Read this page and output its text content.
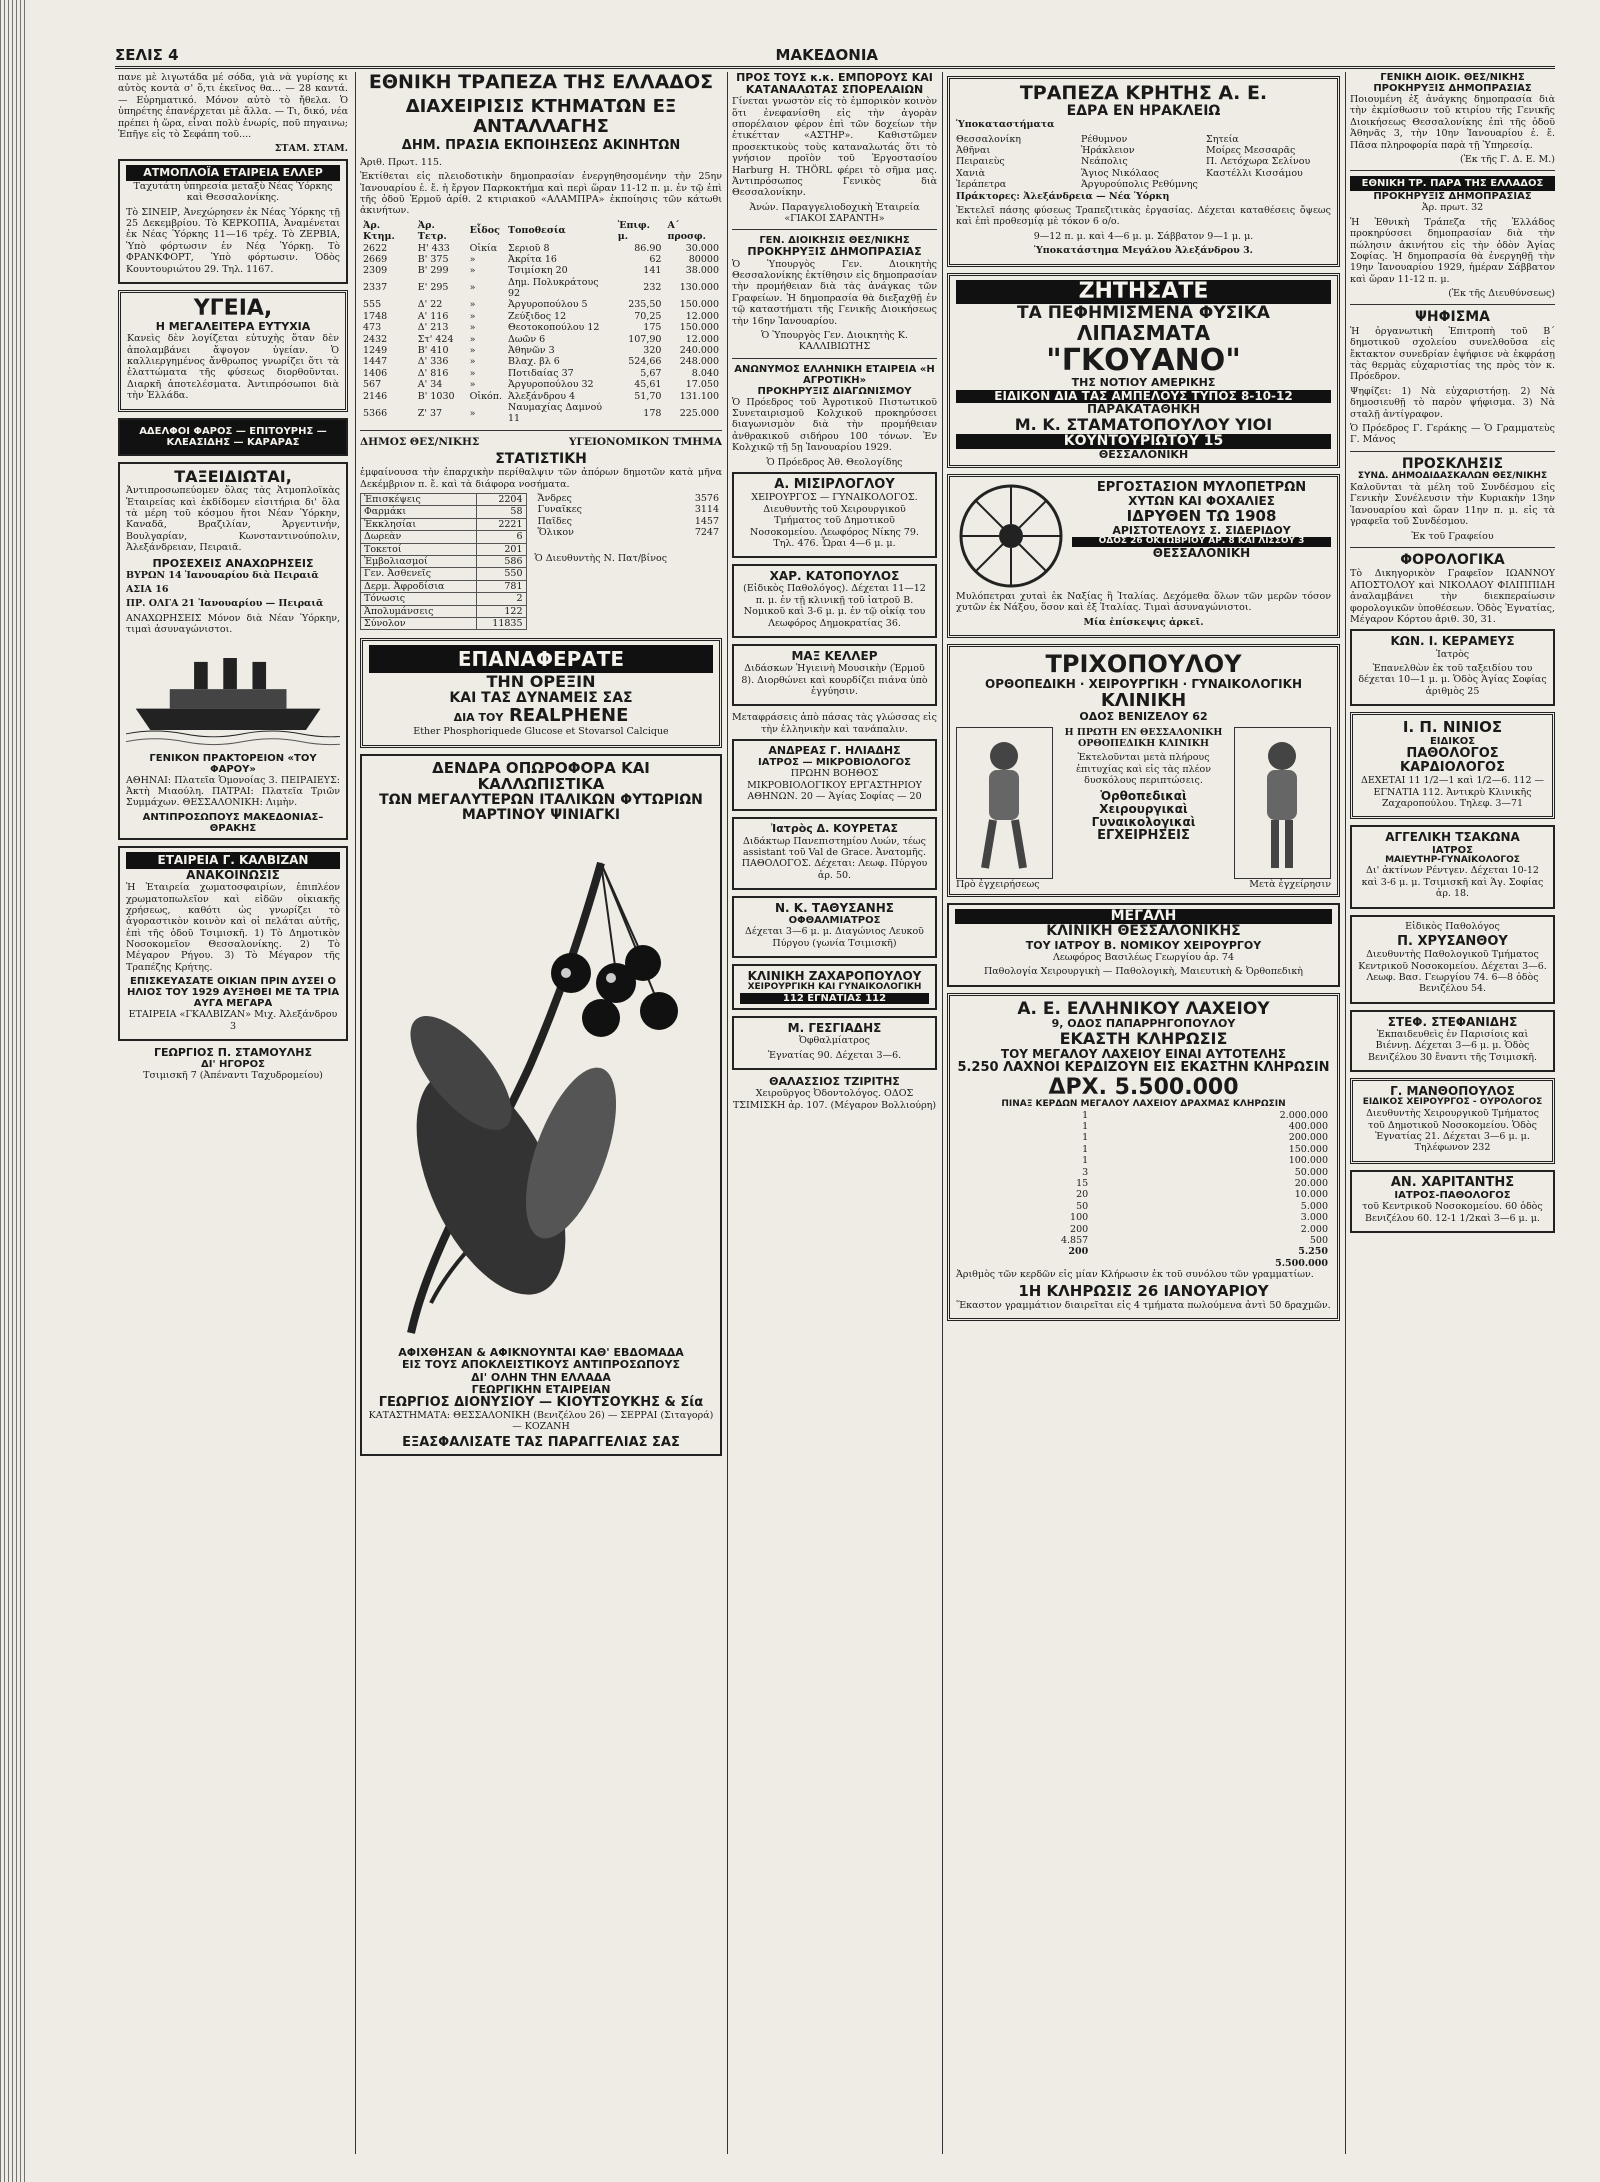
ΣΕΛΙΣ 4	ΜΑΚΕΔΟΝΙΑ

πανε μὲ λιγωτάδα μέ σόδα, γιὰ νὰ γυρίσης κι αὐτὸς κοντὰ σ' ὅ,τι ἐκεῖνος θα... — 28 καντά. — Εὐρηματικό. Μόνον αὐτὸ τὸ ἤθελα. Ὁ ὑπηρέτης ἐπανέρχεται μὲ ἄλλα. — Τι, δικό, νέα πρέπει ἡ ὥρα, εἶναι πολὺ ἐνωρίς, ποῦ πηγαινω; Ἐπῆγε εἰς τὸ Σεφάπη τοῦ....

ΣΤΑΜ. ΣΤΑΜ.

ΑΤΜΟΠΛΟΪΑ ΕΤΑΙΡΕΙΑ ΕΛΛΕΡ

Ταχυτάτη ὑπηρεσία μεταξὺ Νέας Ὑόρκης καὶ Θεσσαλονίκης.

Τὸ ΣΙΝΕΙΡ, Ἀνεχώρησεν ἐκ Νέας Ὑόρκης τῇ 25 Δεκεμβρίου. Τὸ ΚΕΡΚΟΠΙΑ, Ἀναμένεται ἐκ Νέας Ὑόρκης 11—16 τρέχ. Τὸ ΖΕΡΒΙΑ, Ὑπὸ φόρτωσιν ἐν Νέᾳ Ὑόρκῃ. Τὸ ΦΡΑΝΚΦΟΡΤ, Ὑπὸ φόρτωσιν. Ὁδὸς Κουντουριώτου 29. Τηλ. 1167.

ΥΓΕΙΑ,
Η ΜΕΓΑΛΕΙΤΕΡΑ ΕΥΤΥΧΙΑ

Κανεὶς δὲν λογίζεται εὐτυχὴς ὅταν δὲν ἀπολαμβάνει ἄψογον ὑγείαν. Ὁ καλλιεργημένος ἄνθρωπος γνωρίζει ὅτι τὰ ἐλαττώματα τῆς φύσεως διορθοῦνται. Διαρκῆ ἀποτελέσματα. Ἀντιπρόσωποι διὰ τὴν Ἑλλάδα.

ΑΔΕΛΦΟΙ ΦΑΡΟΣ — ΕΠΙΤΟΥΡΗΣ — ΚΛΕΑΣΙΔΗΣ — ΚΑΡΑΡΑΣ
ΤΑΞΕΙΔΙΩΤΑΙ,

Ἀντιπροσωπεύομεν ὅλας τὰς Ἀτμοπλοϊκὰς Ἑταιρείας καὶ ἐκδίδομεν εἰσιτήρια δι' ὅλα τὰ μέρη τοῦ κόσμου ἤτοι Νέαν Ὑόρκην, Καναδᾶ, Βραζιλίαν, Ἀργεντινήν, Βουλγαρίαν, Κωνσταντινούπολιν, Ἀλεξάνδρειαν, Πειραιᾶ.

ΠΡΟΣΕΧΕΙΣ ΑΝΑΧΩΡΗΣΕΙΣ

ΒΥΡΩΝ 14 Ἰανουαρίου διὰ Πειραιᾶ

ΑΣΙΑ 16

ΠΡ. ΟΛΓΑ 21 Ἰανουαρίου — Πειραιᾶ

ΑΝΑΧΩΡΗΣΕΙΣ Μόνον διὰ Νέαν Ὑόρκην, τιμαὶ ἀσυναγώνιστοι.

ΓΕΝΙΚΟΝ ΠΡΑΚΤΟΡΕΙΟΝ «ΤΟΥ ΦΑΡΟΥ»

ΑΘΗΝΑΙ: Πλατεῖα Ὁμονοίας 3. ΠΕΙΡΑΙΕΥΣ: Ἀκτὴ Μιαούλη. ΠΑΤΡΑΙ: Πλατεῖα Τριῶν Συμμάχων. ΘΕΣΣΑΛΟΝΙΚΗ: Λιμὴν.

ΑΝΤΙΠΡΟΣΩΠΟΥΣ ΜΑΚΕΔΟΝΙΑΣ–ΘΡΑΚΗΣ
ΕΤΑΙΡΕΙΑ Γ. ΚΑΛΒΙΖΑΝ
ΑΝΑΚΟΙΝΩΣΙΣ

Ἡ Ἑταιρεία χωματοσφαιρίων, ἐπιπλέον χρωματοπωλεῖον καὶ εἰδῶν οἰκιακῆς χρήσεως, καθότι ὡς γνωρίζει τὸ ἀγοραστικὸν κοινὸν καὶ οἱ πελάται αὐτῆς, ἐπὶ τῆς ὁδοῦ Τσιμισκῆ. 1) Τὸ Δημοτικὸν Νοσοκομεῖον Θεσσαλονίκης. 2) Τὸ Μέγαρον Ρήγου. 3) Τὸ Μέγαρον τῆς Τραπέζης Κρήτης.

ΕΠΙΣΚΕΥΑΣΑΤΕ ΟΙΚΙΑΝ ΠΡΙΝ ΔΥΣΕΙ Ο ΗΛΙΟΣ ΤΟΥ 1929 ΑΥΞΗΘΕΙ ΜΕ ΤΑ ΤΡΙΑ ΑΥΓΑ ΜΕΓΑΡΑ

ΕΤΑΙΡΕΙΑ «ΓΚΑΛΒΙΖΑΝ» Μιχ. Ἀλεξάνδρου 3

ΓΕΩΡΓΙΟΣ Π. ΣΤΑΜΟΥΛΗΣ
ΔΙ' ΗΓΟΡΟΣ

Τσιμισκῆ 7 (Ἀπέναντι Ταχυδρομείου)

ΕΘΝΙΚΗ ΤΡΑΠΕΖΑ ΤΗΣ ΕΛΛΑΔΟΣ
ΔΙΑΧΕΙΡΙΣΙΣ ΚΤΗΜΑΤΩΝ ΕΞ ΑΝΤΑΛΛΑΓΗΣ
ΔΗΜ. ΠΡΑΣΙΑ ΕΚΠΟΙΗΣΕΩΣ ΑΚΙΝΗΤΩΝ

Ἀριθ. Πρωτ. 115.

Ἐκτίθεται εἰς πλειοδοτικὴν δημοπρασίαν ἐνεργηθησομένην τὴν 25ην Ἰανουαρίου ἐ. ἔ. ἡ ἔργον Παρκοκτήμα καὶ περὶ ὥραν 11-12 π. μ. ἐν τῷ ἐπὶ τῆς ὁδοῦ Ἑρμοῦ ἀρίθ. 2 κτιριακοῦ «ΑΛΑΜΠΡΑ» ἐκποίησις τῶν κάτωθι ἀκινήτων.

Ἀρ. Κτημ.	Ἀρ. Τετρ.	Εἶδος	Τοποθεσία	Ἐπιφ. μ.	Α΄ προσφ.
2622	Η' 433	Οἰκία	Σεριοῦ 8	86.90	30.000
2669	Β' 375	»	Ἀκρίτα 16	62	80000
2309	Β' 299	»	Τσιμίσκη 20	141	38.000
2337	Ε' 295	»	Δημ. Πολυκράτους 92	232	130.000
555	Δ' 22	»	Ἀργυροπούλου 5	235,50	150.000
1748	Α' 116	»	Ζεύξιδος 12	70,25	12.000
473	Δ' 213	»	Θεοτοκοπούλου 12	175	150.000
2432	Στ' 424	»	Δωῶν 6	107,90	12.000
1249	Β' 410	»	Ἀθηνῶν 3	320	240.000
1447	Δ' 336	»	Βλαχ. βλ 6	524,66	248.000
1406	Δ' 816	»	Ποτιδαίας 37	5,67	8.040
567	Α' 34	»	Ἀργυροπούλου 32	45,61	17.050
2146	Β' 1030	Οἰκόπ.	Ἀλεξάνδρου 4	51,70	131.100
5366	Ζ' 37	»	Ναυμαχίας Δαμνού 11	178	225.000
ΔΗΜΟΣ ΘΕΣ/ΝΙΚΗΣ	ΥΓΕΙΟΝΟΜΙΚΟΝ ΤΜΗΜΑ
ΣΤΑΤΙΣΤΙΚΗ

ἐμφαίνουσα τὴν ἐπαρχικὴν περίθαλψιν τῶν ἀπόρων δημοτῶν κατὰ μῆνα Δεκέμβριον π. ἔ. καὶ τὰ διάφορα νοσήματα.

Ἐπισκέψεις	2204
Φαρμάκι	58
Ἐκκλησίαι	2221
Δωρεὰν	6
Τοκετοί	201
Ἐμβολιασμοί	586
Γεν. Ἀσθενεῖς	550
Δερμ. Ἀφροδίσια	781
Τόνωσις	2
Ἀπολυμάνσεις	122
Σύνολον	11835
Ἄνδρες	3576
Γυναῖκες	3114
Παῖδες	1457
Ὅλικον	7247

Ὁ Διευθυντὴς Ν. Πατ/βίνος

ΕΠΑΝΑΦΕΡΑΤΕ
ΤΗΝ ΟΡΕΞΙΝ
ΚΑΙ ΤΑΣ ΔΥΝΑΜΕΙΣ ΣΑΣ
ΔΙΑ ΤΟΥ REALPHENE

Ether Phosphoriquede Glucose et Stovarsol Calcique

ΔΕΝΔΡΑ ΟΠΩΡΟΦΟΡΑ ΚΑΙ ΚΑΛΛΩΠΙΣΤΙΚΑ
ΤΩΝ ΜΕΓΑΛΥΤΕΡΩΝ ΙΤΑΛΙΚΩΝ ΦΥΤΩΡΙΩΝ
ΜΑΡΤΙΝΟΥ ΨΙΝΙΑΓΚΙ
ΑΦΙΧΘΗΣΑΝ & ΑΦΙΚΝΟΥΝΤΑΙ ΚΑΘ' ΕΒΔΟΜΑΔΑ
ΕΙΣ ΤΟΥΣ ΑΠΟΚΛΕΙΣΤΙΚΟΥΣ ΑΝΤΙΠΡΟΣΩΠΟΥΣ
ΔΙ' ΟΛΗΝ ΤΗΝ ΕΛΛΑΔΑ
ΓΕΩΡΓΙΚΗΝ ΕΤΑΙΡΕΙΑΝ
ΓΕΩΡΓΙΟΣ ΔΙΟΝΥΣΙΟΥ — ΚΙΟΥΤΣΟΥΚΗΣ & Σία

ΚΑΤΑΣΤΗΜΑΤΑ: ΘΕΣΣΑΛΟΝΙΚΗ (Βενιζέλου 26) — ΣΕΡΡΑΙ (Σιταγορά) — ΚΟΖΑΝΗ

ΕΞΑΣΦΑΛΙΣΑΤΕ ΤΑΣ ΠΑΡΑΓΓΕΛΙΑΣ ΣΑΣ
ΠΡΟΣ ΤΟΥΣ κ.κ. ΕΜΠΟΡΟΥΣ ΚΑΙ ΚΑΤΑΝΑΛΩΤΑΣ ΣΠΟΡΕΛΑΙΩΝ

Γίνεται γνωστὸν εἰς τὸ ἐμπορικὸν κοινὸν ὅτι ἐνεφανίσθη εἰς τὴν ἀγορὰν σπορέλαιον φέρον ἐπὶ τῶν δοχείων τὴν ἐτικέτταν «ΑΣΤΗΡ». Καθιστῶμεν προσεκτικοὺς τοὺς καταναλωτάς ὅτι τὸ γνήσιον προϊὸν τοῦ Ἐργοστασίου Harburg H. THÖRL φέρει τὸ σῆμα μας. Ἀντιπρόσωπος Γενικὸς διὰ Θεσσαλονίκην.

Ἀνών. Παραγγελιοδοχικὴ Ἑταιρεία «ΓΙΑΚΟΙ ΣΑΡΑΝΤΗ»

ΓΕΝ. ΔΙΟΙΚΗΣΙΣ ΘΕΣ/ΝΙΚΗΣ
ΠΡΟΚΗΡΥΞΙΣ ΔΗΜΟΠΡΑΣΙΑΣ

Ὁ Ὑπουργὸς Γεν. Διοικητὴς Θεσσαλονίκης ἐκτίθησιν εἰς δημοπρασίαν τὴν προμήθειαν διὰ τὰς ἀνάγκας τῶν Γραφείων. Ἡ δημοπρασία θὰ διεξαχθῇ ἐν τῷ καταστήματι τῆς Γενικῆς Διοικήσεως τὴν 16ην Ἰανουαρίου.

Ὁ Ὑπουργὸς Γεν. Διοικητὴς Κ. ΚΑΛΛΙΒΙΩΤΗΣ

ΑΝΩΝΥΜΟΣ ΕΛΛΗΝΙΚΗ ΕΤΑΙΡΕΙΑ «Η ΑΓΡΟΤΙΚΗ»
ΠΡΟΚΗΡΥΞΙΣ ΔΙΑΓΩΝΙΣΜΟΥ

Ὁ Πρόεδρος τοῦ Ἀγροτικοῦ Πιστωτικοῦ Συνεταιρισμοῦ Κολχικοῦ προκηρύσσει διαγωνισμὸν διὰ τὴν προμήθειαν ἀνθρακικοῦ σιδήρου 100 τόνων. Ἐν Κολχικῷ τῇ 5ῃ Ἰανουαρίου 1929.

Ὁ Πρόεδρος Ἀθ. Θεολογίδης

Α. ΜΙΣΙΡΛΟΓΛΟΥ

ΧΕΙΡΟΥΡΓΟΣ — ΓΥΝΑΙΚΟΛΟΓΟΣ. Διευθυντὴς τοῦ Χειρουργικοῦ Τμήματος τοῦ Δημοτικοῦ Νοσοκομείου. Λεωφόρος Νίκης 79. Τηλ. 476. Ὧραι 4—6 μ. μ.

ΧΑΡ. ΚΑΤΟΠΟΥΛΟΣ

(Εἰδικὸς Παθολόγος). Δέχεται 11—12 π. μ. ἐν τῇ κλινικῇ τοῦ ἰατροῦ Β. Νομικοῦ καὶ 3-6 μ. μ. ἐν τῷ οἰκίᾳ του Λεωφόρος Δημοκρατίας 36.

ΜΑΞ ΚΕΛΛΕΡ

Διδάσκων Ἡγιεινὴ Μουσικὴν (Ἑρμοῦ 8). Διορθώνει καὶ κουρδίζει πιάνα ὑπὸ ἐγγύησιν.

Μεταφράσεις ἀπὸ πάσας τὰς γλώσσας εἰς τὴν ἑλληνικὴν καὶ τανάπαλιν.

ΑΝΔΡΕΑΣ Γ. ΗΛΙΑΔΗΣ
ΙΑΤΡΟΣ — ΜΙΚΡΟΒΙΟΛΟΓΟΣ

ΠΡΩΗΝ ΒΟΗΘΟΣ ΜΙΚΡΟΒΙΟΛΟΓΙΚΟΥ ΕΡΓΑΣΤΗΡΙΟΥ ΑΘΗΝΩΝ. 20 — Ἁγίας Σοφίας — 20

Ἰατρὸς Δ. ΚΟΥΡΕΤΑΣ

Διδάκτωρ Πανεπιστημίου Λυών, τέως assistant τοῦ Val de Grace. Ἀνατομῆς. ΠΑΘΟΛΟΓΟΣ. Δέχεται: Λεωφ. Πύργου ἀρ. 50.

Ν. Κ. ΤΑΘΥΣΑΝΗΣ
ΟΦΘΑΛΜΙΑΤΡΟΣ

Δέχεται 3—6 μ. μ. Διαγώνιος Λευκοῦ Πύργου (γωνία Τσιμισκῆ)

ΚΛΙΝΙΚΗ ΖΑΧΑΡΟΠΟΥΛΟΥ
ΧΕΙΡΟΥΡΓΙΚΗ ΚΑΙ ΓΥΝΑΙΚΟΛΟΓΙΚΗ
112 ΕΓΝΑΤΙΑΣ 112
Μ. ΓΕΣΓΙΑΔΗΣ

Ὀφθαλμίατρος

Ἐγνατίας 90. Δέχεται 3—6.

ΘΑΛΑΣΣΙΟΣ ΤΖΙΡΙΤΗΣ

Χειροῦργος Ὀδοντολόγος. ΟΔΟΣ ΤΣΙΜΙΣΚΗ ἀρ. 107. (Μέγαρον Βολλιούρη)

ΤΡΑΠΕΖΑ ΚΡΗΤΗΣ Α. Ε.
ΕΔΡΑ ΕΝ ΗΡΑΚΛΕΙΩ

Ὑποκαταστήματα

Θεσσαλονίκη	Ρέθυμνον	Σητεία
Ἀθῆναι	Ἡράκλειον	Μοίρες Μεσσαρᾶς
Πειραιεὺς	Νεάπολις	Π. Λετόχωρα Σελίνου
Χανιὰ	Ἅγιος Νικόλαος	Καστέλλι Κισσάμου
Ἱεράπετρα	Ἀργυρούπολις Ρεθύμνης

Πράκτορες: Ἀλεξάνδρεια — Νέα Ὑόρκη

Ἐκτελεῖ πάσης φύσεως Τραπεζιτικὰς ἐργασίας. Δέχεται καταθέσεις ὄψεως καὶ ἐπὶ προθεσμίᾳ μὲ τόκον 6 ο/ο.

9—12 π. μ. καὶ 4—6 μ. μ. Σάββατον 9—1 μ. μ.

Ὑποκατάστημα Μεγάλου Ἀλεξάνδρου 3.

ΖΗΤΗΣΑΤΕ
ΤΑ ΠΕΦΗΜΙΣΜΕΝΑ ΦΥΣΙΚΑ
ΛΙΠΑΣΜΑΤΑ
"ΓΚΟΥΑΝΟ"
ΤΗΣ ΝΟΤΙΟΥ ΑΜΕΡΙΚΗΣ
ΕΙΔΙΚΟΝ ΔΙΑ ΤΑΣ ΑΜΠΕΛΟΥΣ ΤΥΠΟΣ 8-10-12
ΠΑΡΑΚΑΤΑΘΗΚΗ
Μ. Κ. ΣΤΑΜΑΤΟΠΟΥΛΟΥ ΥΙΟΙ
ΚΟΥΝΤΟΥΡΙΩΤΟΥ 15
ΘΕΣΣΑΛΟΝΙΚΗ
ΕΡΓΟΣΤΑΣΙΟΝ ΜΥΛΟΠΕΤΡΩΝ
ΧΥΤΩΝ ΚΑΙ ΦΟΧΑΛΙΕΣ
ΙΔΡΥΘΕΝ ΤΩ 1908
ΑΡΙΣΤΟΤΕΛΟΥΣ Σ. ΣΙΔΕΡΙΔΟΥ
ΟΔΟΣ 26 ΟΚΤΩΒΡΙΟΥ ΑΡ. 8 ΚΑΙ ΛΙΣΣΟΥ 3
ΘΕΣΣΑΛΟΝΙΚΗ

Μυλόπετραι χυταὶ ἐκ Ναξίας ἢ Ἰταλίας. Δεχόμεθα ὅλων τῶν μερῶν τόσον χυτῶν ἐκ Νάξου, ὅσον καὶ ἐξ Ἰταλίας. Τιμαὶ ἀσυναγώνιστοι.

Μία ἐπίσκεψις ἀρκεῖ.

ΤΡΙΧΟΠΟΥΛΟΥ
ΟΡΘΟΠΕΔΙΚΗ · ΧΕΙΡΟΥΡΓΙΚΗ · ΓΥΝΑΙΚΟΛΟΓΙΚΗ
ΚΛΙΝΙΚΗ
ΟΔΟΣ ΒΕΝΙΖΕΛΟΥ 62

Η ΠΡΩΤΗ ΕΝ ΘΕΣΣΑΛΟΝΙΚΗ ΟΡΘΟΠΕΔΙΚΗ ΚΛΙΝΙΚΗ

Ἐκτελοῦνται μετὰ πλήρους ἐπιτυχίας καὶ εἰς τὰς πλέον δυσκόλους περιπτώσεις.

Ὀρθοπεδικαὶ
Χειρουργικαὶ
Γυναικολογικαὶ
ΕΓΧΕΙΡΗΣΕΙΣ
Πρὸ ἐγχειρήσεως	Μετὰ ἐγχείρησιν
ΜΕΓΑΛΗ
ΚΛΙΝΙΚΗ ΘΕΣΣΑΛΟΝΙΚΗΣ
ΤΟΥ ΙΑΤΡΟΥ Β. ΝΟΜΙΚΟΥ ΧΕΙΡΟΥΡΓΟΥ

Λεωφόρος Βασιλέως Γεωργίου ἀρ. 74

Παθολογία Χειρουργικὴ — Παθολογικὴ, Μαιευτικὴ & Ὀρθοπεδικὴ

Α. Ε. ΕΛΛΗΝΙΚΟΥ ΛΑΧΕΙΟΥ
9, ΟΔΟΣ ΠΑΠΑΡΡΗΓΟΠΟΥΛΟΥ
ΕΚΑΣΤΗ ΚΛΗΡΩΣΙΣ
ΤΟΥ ΜΕΓΑΛΟΥ ΛΑΧΕΙΟΥ ΕΙΝΑΙ ΑΥΤΟΤΕΛΗΣ
5.250 ΛΑΧΝΟΙ ΚΕΡΔΙΖΟΥΝ ΕΙΣ ΕΚΑΣΤΗΝ ΚΛΗΡΩΣΙΝ
ΔΡΧ. 5.500.000
ΠΙΝΑΞ ΚΕΡΔΩΝ ΜΕΓΑΛΟΥ ΛΑΧΕΙΟΥ ΔΡΑΧΜΑΣ ΚΛΗΡΩΣΙΝ
1	2.000.000
1	400.000
1	200.000
1	150.000
1	100.000
3	50.000
15	20.000
20	10.000
50	5.000
100	3.000
200	2.000
4.857	500
200	5.250
	5.500.000

Ἀριθμὸς τῶν κερδῶν εἰς μίαν Κλήρωσιν ἐκ τοῦ συνόλου τῶν γραμματίων.

1Η ΚΛΗΡΩΣΙΣ 26 ΙΑΝΟΥΑΡΙΟΥ

Ἕκαστον γραμμάτιον διαιρεῖται εἰς 4 τμήματα πωλούμενα ἀντὶ 50 δραχμῶν.

ΓΕΝΙΚΗ ΔΙΟΙΚ. ΘΕΣ/ΝΙΚΗΣ
ΠΡΟΚΗΡΥΞΙΣ ΔΗΜΟΠΡΑΣΙΑΣ

Ποιουμένη ἐξ ἀνάγκης δημοπρασία διὰ τὴν ἐκμίσθωσιν τοῦ κτιρίου τῆς Γενικῆς Διοικήσεως Θεσσαλονίκης ἐπὶ τῆς ὁδοῦ Ἀθηνᾶς 3, τὴν 10ην Ἰανουαρίου ἐ. ἔ. Πᾶσα πληροφορία παρὰ τῇ Ὑπηρεσίᾳ.

(Ἐκ τῆς Γ. Δ. Ε. Μ.)

ΕΘΝΙΚΗ ΤΡ. ΠΑΡΑ ΤΗΣ ΕΛΛΑΔΟΣ
ΠΡΟΚΗΡΥΞΙΣ ΔΗΜΟΠΡΑΣΙΑΣ

Ἀρ. πρωτ. 32

Ἡ Ἐθνικὴ Τράπεζα τῆς Ἑλλάδος προκηρύσσει δημοπρασίαν διὰ τὴν πώλησιν ἀκινήτου εἰς τὴν ὁδὸν Ἀγίας Σοφίας. Ἡ δημοπρασία θὰ ἐνεργηθῇ τὴν 19ην Ἰανουαρίου 1929, ἡμέραν Σάββατον καὶ ὥραν 11-12 π. μ.

(Ἐκ τῆς Διευθύνσεως)

ΨΗΦΙΣΜΑ

Ἡ ὀργανωτικὴ Ἐπιτροπὴ τοῦ Β΄ δημοτικοῦ σχολείου συνελθοῦσα εἰς ἔκτακτον συνεδρίαν ἐψήφισε νὰ ἐκφράσῃ τὰς θερμὰς εὐχαριστίας της πρὸς τὸν κ. Πρόεδρον.

Ψηφίζει: 1) Νὰ εὐχαριστήσῃ. 2) Νὰ δημοσιευθῇ τὸ παρὸν ψήφισμα. 3) Νὰ σταλῇ ἀντίγραφον.

Ὁ Πρόεδρος Γ. Γεράκης — Ὁ Γραμματεὺς Γ. Μάνος

ΠΡΟΣΚΛΗΣΙΣ
ΣΥΝΔ. ΔΗΜΟΔΙΔΑΣΚΑΛΩΝ ΘΕΣ/ΝΙΚΗΣ

Καλοῦνται τὰ μέλη τοῦ Συνδέσμου εἰς Γενικὴν Συνέλευσιν τὴν Κυριακὴν 13ην Ἰανουαρίου καὶ ὥραν 11ην π. μ. εἰς τὰ γραφεῖα τοῦ Συνδέσμου.

Ἐκ τοῦ Γραφείου

ΦΟΡΟΛΟΓΙΚΑ

Τὸ Δικηγορικὸν Γραφεῖον ΙΩΑΝΝΟΥ ΑΠΟΣΤΟΛΟΥ καὶ ΝΙΚΟΛΑΟΥ ΦΙΛΙΠΠΙΔΗ ἀναλαμβάνει τὴν διεκπεραίωσιν φορολογικῶν ὑποθέσεων. Ὁδὸς Ἐγνατίας, Μέγαρον Κόρτου ἀριθ. 30, 31.

ΚΩΝ. Ι. ΚΕΡΑΜΕΥΣ

Ἰατρὸς

Ἐπανελθὼν ἐκ τοῦ ταξειδίου του δέχεται 10—1 μ. μ. Ὁδὸς Ἁγίας Σοφίας ἀριθμὸς 25

Ι. Π. ΝΙΝΙΟΣ
ΕΙΔΙΚΟΣ
ΠΑΘΟΛΟΓΟΣ
ΚΑΡΔΙΟΛΟΓΟΣ

ΔΕΧΕΤΑΙ 11 1/2—1 καὶ 1/2—6. 112 — ΕΓΝΑΤΙΑ 112. Ἀντικρὺ Κλινικῆς Ζαχαροπούλου. Τηλεφ. 3—71

ΑΓΓΕΛΙΚΗ ΤΣΑΚΩΝΑ
ΙΑΤΡΟΣ
ΜΑΙΕΥΤΗΡ-ΓΥΝΑΙΚΟΛΟΓΟΣ

Δι' ἀκτίνων Ρέντγεν. Δέχεται 10-12 καὶ 3-6 μ. μ. Τσιμισκῆ καὶ Ἁγ. Σοφίας ἀρ. 18.

Εἰδικὸς Παθολόγος

Π. ΧΡΥΣΑΝΘΟΥ

Διευθυντὴς Παθολογικοῦ Τμήματος Κεντρικοῦ Νοσοκομείου. Δέχεται 3—6. Λεωφ. Βασ. Γεωργίου 74. 6—8 ὁδὸς Βενιζέλου 54.

ΣΤΕΦ. ΣΤΕΦΑΝΙΔΗΣ

Ἐκπαιδευθεὶς ἐν Παρισίοις καὶ Βιέννῃ. Δέχεται 3—6 μ. μ. Ὁδὸς Βενιζέλου 30 ἔναντι τῆς Τσιμισκῆ.

Γ. ΜΑΝΘΟΠΟΥΛΟΣ
ΕΙΔΙΚΟΣ ΧΕΙΡΟΥΡΓΟΣ - ΟΥΡΟΛΟΓΟΣ

Διευθυντὴς Χειρουργικοῦ Τμήματος τοῦ Δημοτικοῦ Νοσοκομείου. Ὁδὸς Ἐγνατίας 21. Δέχεται 3—6 μ. μ. Τηλέφωνον 232

ΑΝ. ΧΑΡΙΤΑΝΤΗΣ
ΙΑΤΡΟΣ-ΠΑΘΟΛΟΓΟΣ

τοῦ Κεντρικοῦ Νοσοκομείου. 60 ὁδὸς Βενιζέλου 60. 12-1 1/2καὶ 3—6 μ. μ.
